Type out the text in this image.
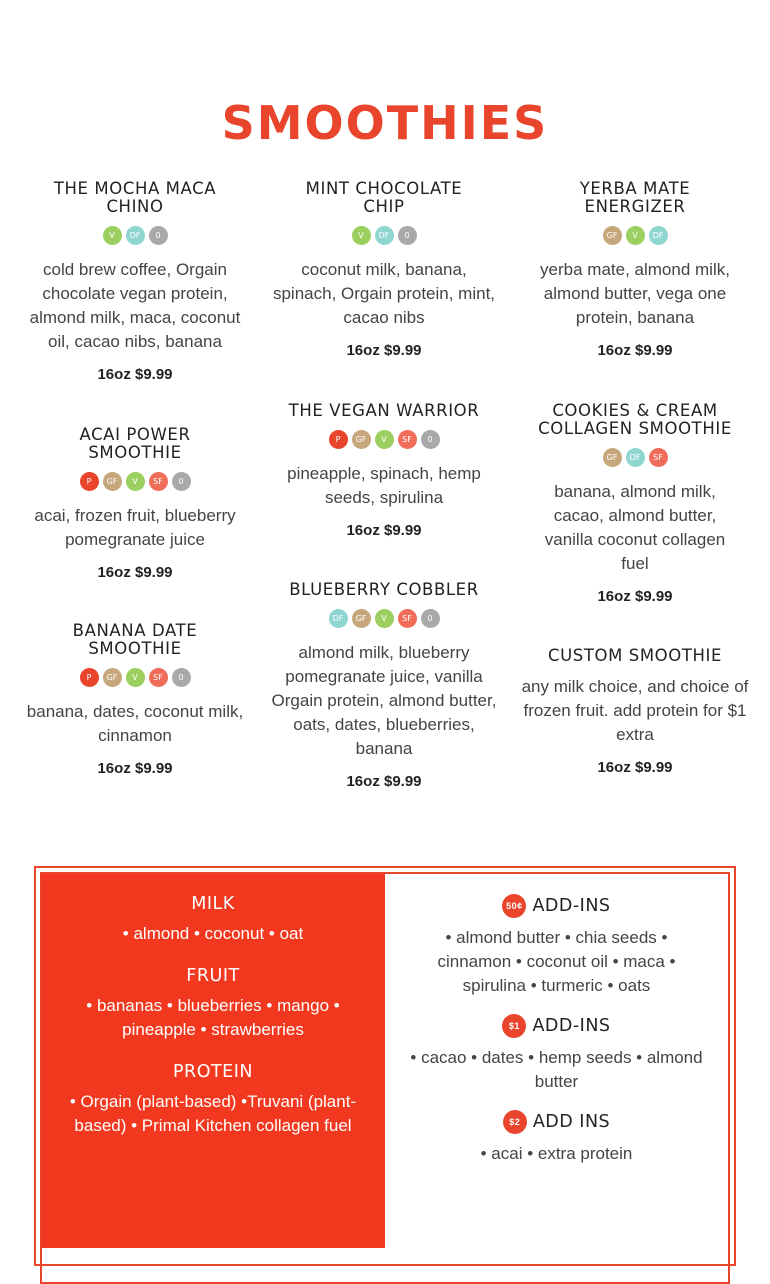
SMOOTHIES
THE MOCHA MACA CHINO
V	DF	0
cold brew coffee, Orgain chocolate vegan protein, almond milk, maca, coconut oil, cacao nibs, banana
16oz $9.99
ACAI POWER SMOOTHIE
P	GF	V	SF	0
acai, frozen fruit, blueberry pomegranate juice
16oz $9.99
BANANA DATE SMOOTHIE
P	GF	V	SF	0
banana, dates, coconut milk, cinnamon
16oz $9.99
MINT CHOCOLATE CHIP
V	DF	0
coconut milk, banana, spinach, Orgain protein, mint, cacao nibs
16oz $9.99
THE VEGAN WARRIOR
P	GF	V	SF	0
pineapple, spinach, hemp seeds, spirulina
16oz $9.99
BLUEBERRY COBBLER
DF	GF	V	SF	0
almond milk, blueberry pomegranate juice, vanilla Orgain protein, almond butter, oats, dates, blueberries, banana
16oz $9.99
YERBA MATE ENERGIZER
GF	V	DF
yerba mate, almond milk, almond butter, vega one protein, banana
16oz $9.99
COOKIES & CREAM COLLAGEN SMOOTHIE
GF	DF	SF
banana, almond milk, cacao, almond butter, vanilla coconut collagen fuel
16oz $9.99
CUSTOM SMOOTHIE
any milk choice, and choice of frozen fruit. add protein for $1 extra
16oz $9.99
MILK
• almond • coconut • oat
FRUIT
• bananas • blueberries • mango • pineapple • strawberries
PROTEIN
• Orgain (plant-based) •Truvani (plant-based) • Primal Kitchen collagen fuel
50¢ ADD-INS
• almond butter • chia seeds • cinnamon • coconut oil • maca • spirulina • turmeric • oats
$1 ADD-INS
• cacao • dates • hemp seeds • almond butter
$2 ADD INS
• acai • extra protein
